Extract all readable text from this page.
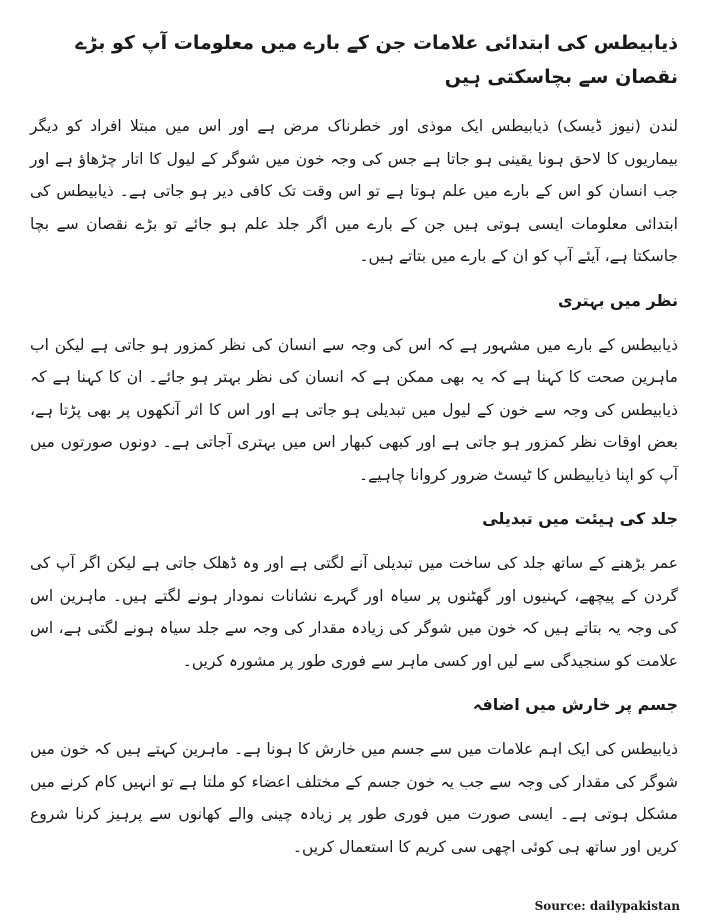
ذیابیطس کی ابتدائی علامات جن کے بارے میں معلومات آپ کو بڑے نقصان سے بچاسکتی ہیں

لندن (نیوز ڈیسک) ذیابیطس ایک موذی اور خطرناک مرض ہے اور اس میں مبتلا افراد کو دیگر بیماریوں کا لاحق ہونا یقینی ہو جاتا ہے جس کی وجہ خون میں شوگر کے لیول کا اتار چڑھاﺅ ہے اور جب انسان کو اس کے بارے میں علم ہوتا ہے تو اس وقت تک کافی دیر ہو جاتی ہے۔ ذیابیطس کی ابتدائی معلومات ایسی ہوتی ہیں جن کے بارے میں اگر جلد علم ہو جائے تو بڑے نقصان سے بچا جاسکتا ہے، آیئے آپ کو ان کے بارے میں بتاتے ہیں۔

نظر میں بہتری

ذیابیطس کے بارے میں مشہور ہے کہ اس کی وجہ سے انسان کی نظر کمزور ہو جاتی ہے لیکن اب ماہرین صحت کا کہنا ہے کہ یہ بھی ممکن ہے کہ انسان کی نظر بہتر ہو جائے۔ ان کا کہنا ہے کہ ذیابیطس کی وجہ سے خون کے لیول میں تبدیلی ہو جاتی ہے اور اس کا اثر آنکھوں پر بھی پڑتا ہے، بعض اوقات نظر کمزور ہو جاتی ہے اور کبھی کبھار اس میں بہتری آجاتی ہے۔ دونوں صورتوں میں آپ کو اپنا ذیابیطس کا ٹیسٹ ضرور کروانا چاہیے۔

جلد کی ہیئت میں تبدیلی

عمر بڑھنے کے ساتھ جلد کی ساخت میں تبدیلی آنے لگتی ہے اور وہ ڈھلک جاتی ہے لیکن اگر آپ کی گردن کے پیچھے، کہنیوں اور گھٹنوں پر سیاہ اور گہرے نشانات نمودار ہونے لگتے ہیں۔ ماہرین اس کی وجہ یہ بتاتے ہیں کہ خون میں شوگر کی زیادہ مقدار کی وجہ سے جلد سیاہ ہونے لگتی ہے، اس علامت کو سنجیدگی سے لیں اور کسی ماہر سے فوری طور پر مشورہ کریں۔

جسم پر خارش میں اضافہ

ذیابیطس کی ایک اہم علامات میں سے جسم میں خارش کا ہونا ہے۔ ماہرین کہتے ہیں کہ خون میں شوگر کی مقدار کی وجہ سے جب یہ خون جسم کے مختلف اعضاء کو ملتا ہے تو انہیں کام کرنے میں مشکل ہوتی ہے۔ ایسی صورت میں فوری طور پر زیادہ چینی والے کھانوں سے پرہیز کرنا شروع کریں اور ساتھ ہی کوئی اچھی سی کریم کا استعمال کریں۔

Source: dailypakistan
